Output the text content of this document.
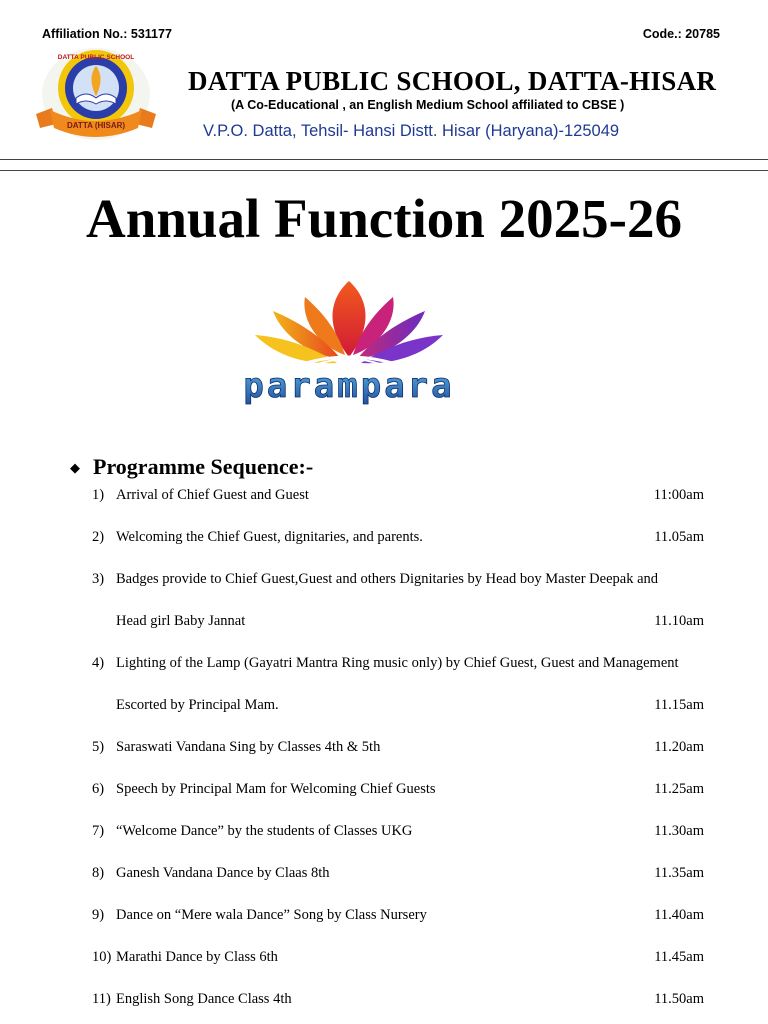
Affiliation No.: 531177	Code.: 20785
DATTA (HISAR)
DATTA PUBLIC SCHOOL
DATTA PUBLIC SCHOOL, DATTA-HISAR
(A Co-Educational , an English Medium School affiliated to CBSE )
V.P.O. Datta, Tehsil- Hansi Distt. Hisar (Haryana)-125049
Annual Function 2025-26
parampara
◆ Programme Sequence:-
1) Arrival of Chief Guest and Guest	11:00am
2) Welcoming the Chief Guest, dignitaries, and parents.	11.05am
3) Badges provide to Chief Guest,Guest and others Dignitaries by Head boy Master Deepak and
Head girl Baby Jannat	11.10am
4) Lighting of the Lamp (Gayatri Mantra Ring music only) by Chief Guest, Guest and Management
Escorted by Principal Mam.	11.15am
5) Saraswati Vandana Sing by Classes 4th & 5th	11.20am
6) Speech by Principal Mam for Welcoming Chief Guests	11.25am
7) “Welcome Dance” by the students of Classes UKG	11.30am
8) Ganesh Vandana Dance by Claas 8th	11.35am
9) Dance on “Mere wala Dance” Song by Class Nursery	11.40am
10) Marathi Dance by Class 6th	11.45am
11) English Song Dance Class 4th	11.50am
